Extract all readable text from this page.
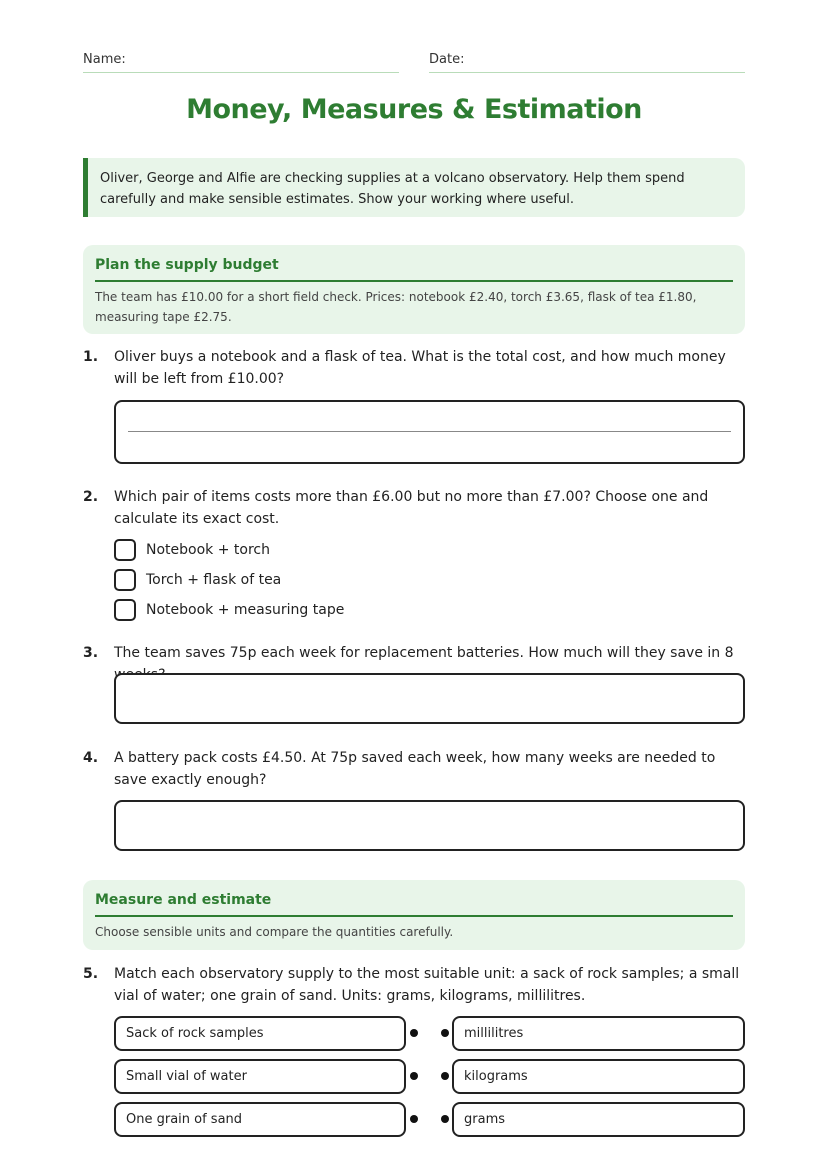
Name:	Date:
Money, Measures & Estimation
Oliver, George and Alfie are checking supplies at a volcano observatory. Help them spend carefully and make sensible estimates. Show your working where useful.
Plan the supply budget
The team has £10.00 for a short field check. Prices: notebook £2.40, torch £3.65, flask of tea £1.80, measuring tape £2.75.
1. Oliver buys a notebook and a flask of tea. What is the total cost, and how much money will be left from £10.00?
2. Which pair of items costs more than £6.00 but no more than £7.00? Choose one and calculate its exact cost.
Notebook + torch
Torch + flask of tea
Notebook + measuring tape
3. The team saves 75p each week for replacement batteries. How much will they save in 8
4. A battery pack costs £4.50. At 75p saved each week, how many weeks are needed to save exactly enough?
Measure and estimate
Choose sensible units and compare the quantities carefully.
5. Match each observatory supply to the most suitable unit: a sack of rock samples; a small vial of water; one grain of sand. Units: grams, kilograms, millilitres.
Sack of rock samples	millilitres
Small vial of water	kilograms
One grain of sand	grams
